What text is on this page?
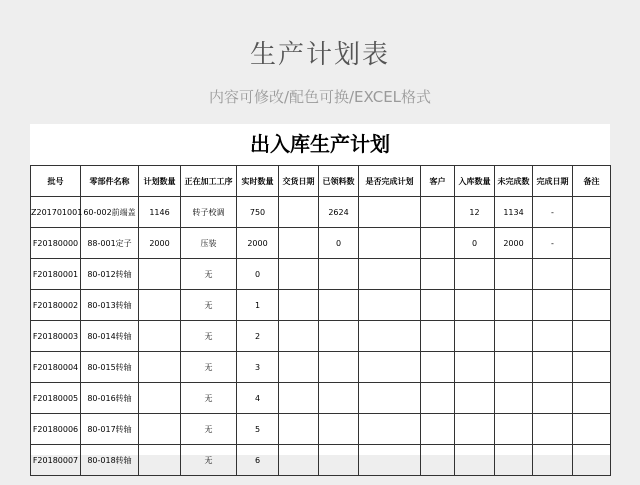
生产计划表
内容可修改/配色可换/EXCEL格式
出入库生产计划
批号	零部件名称	计划数量	正在加工工序	实时数量	交货日期	已领料数	是否完成计划	客户	入库数量	未完成数	完成日期	备注
Z201701001	60-002前端盖	1146	转子校调	750		2624			12	1134	-	
F20180000	88-001定子	2000	压装	2000		0			0	2000	-	
F20180001	80-012转轴		无	0								
F20180002	80-013转轴		无	1								
F20180003	80-014转轴		无	2								
F20180004	80-015转轴		无	3								
F20180005	80-016转轴		无	4								
F20180006	80-017转轴		无	5								
F20180007	80-018转轴		无	6								
